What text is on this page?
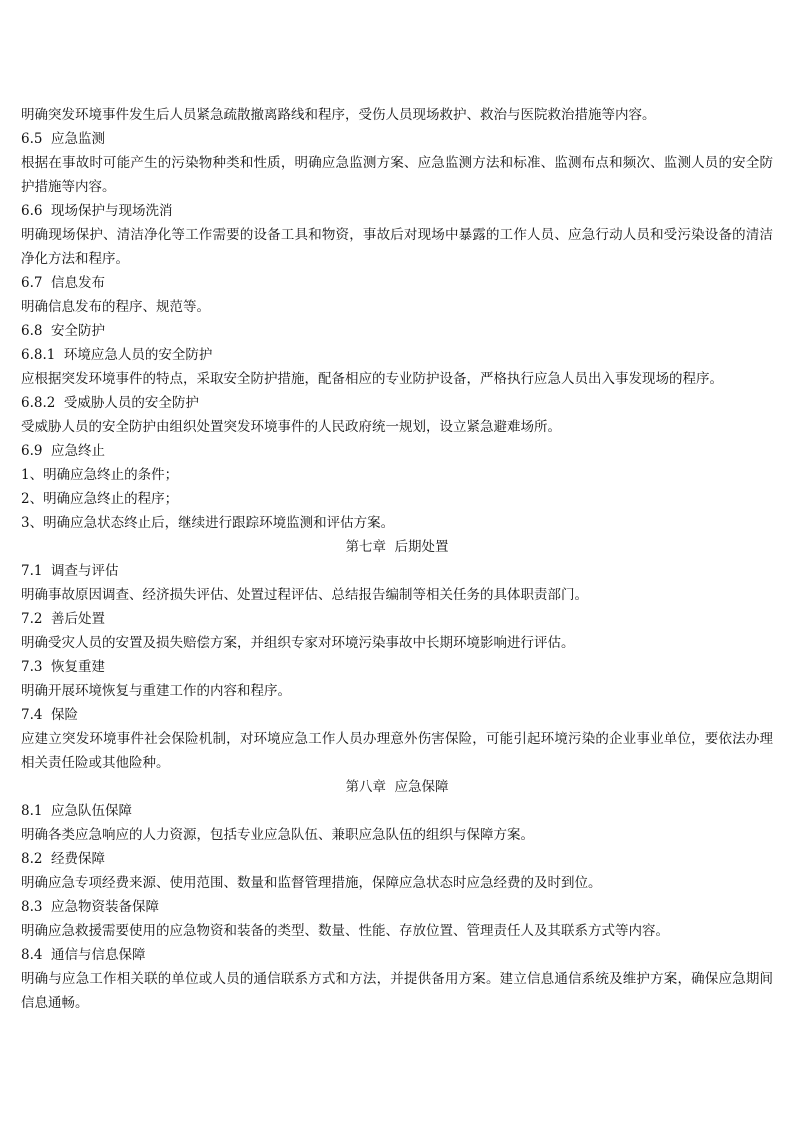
明确突发环境事件发生后人员紧急疏散撤离路线和程序，受伤人员现场救护、救治与医院救治措施等内容。

6.5  应急监测

根据在事故时可能产生的污染物种类和性质，明确应急监测方案、应急监测方法和标准、监测布点和频次、监测人员的安全防护措施等内容。

6.6  现场保护与现场洗消

明确现场保护、清洁净化等工作需要的设备工具和物资，事故后对现场中暴露的工作人员、应急行动人员和受污染设备的清洁净化方法和程序。

6.7  信息发布

明确信息发布的程序、规范等。

6.8  安全防护

6.8.1  环境应急人员的安全防护

应根据突发环境事件的特点，采取安全防护措施，配备相应的专业防护设备，严格执行应急人员出入事发现场的程序。

6.8.2  受威胁人员的安全防护

受威胁人员的安全防护由组织处置突发环境事件的人民政府统一规划，设立紧急避难场所。

6.9  应急终止

1、明确应急终止的条件；

2、明确应急终止的程序；

3、明确应急状态终止后，继续进行跟踪环境监测和评估方案。

第七章  后期处置

7.1  调查与评估

明确事故原因调查、经济损失评估、处置过程评估、总结报告编制等相关任务的具体职责部门。

7.2  善后处置

明确受灾人员的安置及损失赔偿方案，并组织专家对环境污染事故中长期环境影响进行评估。

7.3  恢复重建

明确开展环境恢复与重建工作的内容和程序。

7.4  保险

应建立突发环境事件社会保险机制，对环境应急工作人员办理意外伤害保险，可能引起环境污染的企业事业单位，要依法办理相关责任险或其他险种。

第八章  应急保障

8.1  应急队伍保障

明确各类应急响应的人力资源，包括专业应急队伍、兼职应急队伍的组织与保障方案。

8.2  经费保障

明确应急专项经费来源、使用范围、数量和监督管理措施，保障应急状态时应急经费的及时到位。

8.3  应急物资装备保障

明确应急救援需要使用的应急物资和装备的类型、数量、性能、存放位置、管理责任人及其联系方式等内容。

8.4  通信与信息保障

明确与应急工作相关联的单位或人员的通信联系方式和方法，并提供备用方案。建立信息通信系统及维护方案，确保应急期间信息通畅。
